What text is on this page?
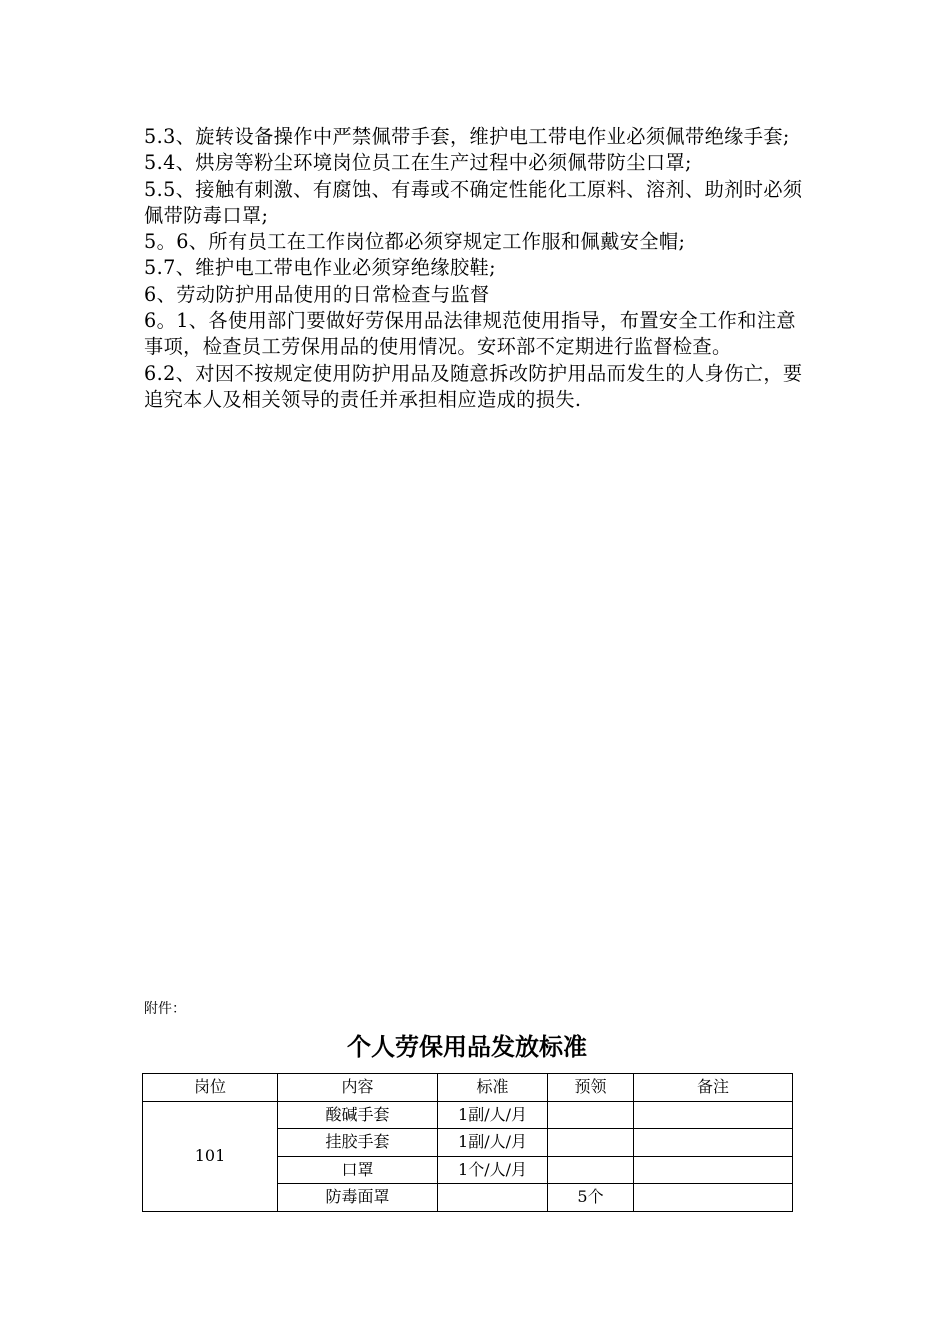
5.3、旋转设备操作中严禁佩带手套，维护电工带电作业必须佩带绝缘手套;

5.4、烘房等粉尘环境岗位员工在生产过程中必须佩带防尘口罩;

5.5、接触有刺激、有腐蚀、有毒或不确定性能化工原料、溶剂、助剂时必须佩带防毒口罩;

5。6、所有员工在工作岗位都必须穿规定工作服和佩戴安全帽;

5.7、维护电工带电作业必须穿绝缘胶鞋;

6、劳动防护用品使用的日常检查与监督

6。1、各使用部门要做好劳保用品法律规范使用指导，布置安全工作和注意事项，检查员工劳保用品的使用情况。安环部不定期进行监督检查。

6.2、对因不按规定使用防护用品及随意拆改防护用品而发生的人身伤亡，要追究本人及相关领导的责任并承担相应造成的损失.

附件：
个人劳保用品发放标准
岗位	内容	标准	预领	备注
101	酸碱手套	1副/人/月		
	挂胶手套	1副/人/月		
	口罩	1个/人/月		
	防毒面罩		5个	
